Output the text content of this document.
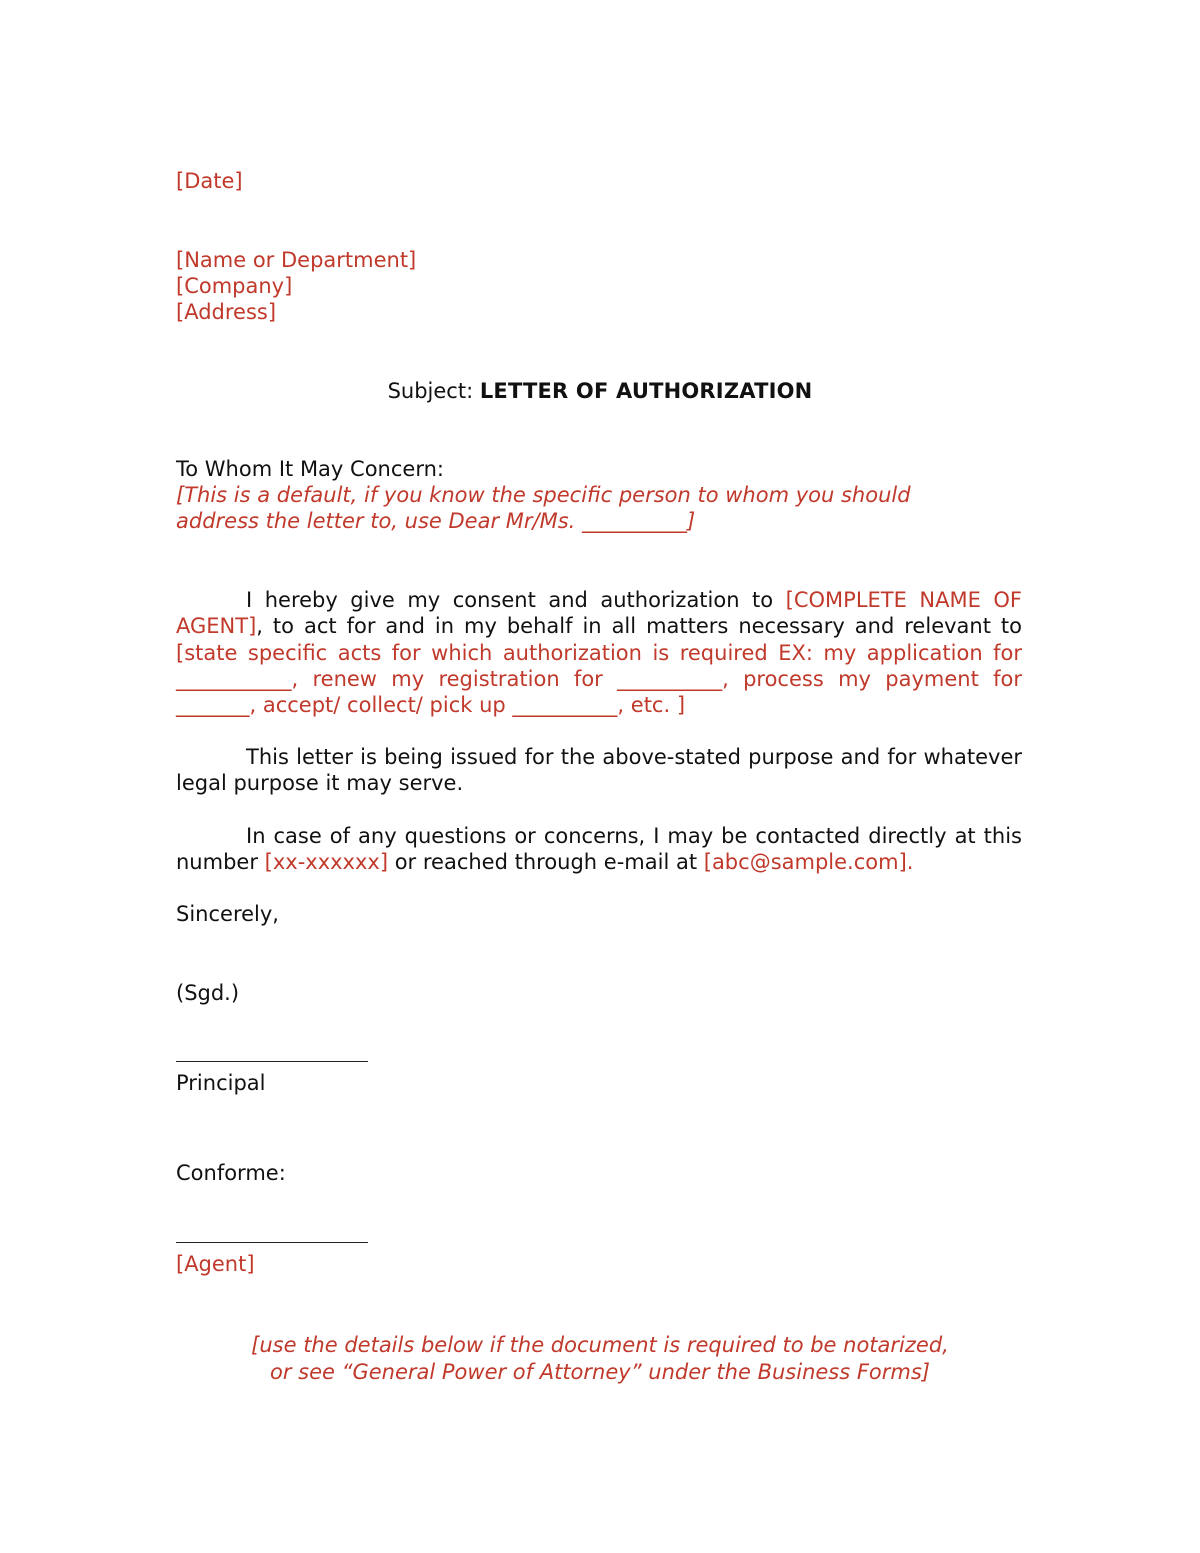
[Date]
[Name or Department]
[Company]
[Address]
Subject: LETTER OF AUTHORIZATION
To Whom It May Concern:
[This is a default, if you know the specific person to whom you should
address the letter to, use Dear Mr/Ms. __________]
I hereby give my consent and authorization to [COMPLETE NAME OF AGENT], to act for and in my behalf in all matters necessary and relevant to [state specific acts for which authorization is required EX: my application for ___________, renew my registration for __________, process my payment for _______, accept/ collect/ pick up __________, etc. ]
This letter is being issued for the above-stated purpose and for whatever legal purpose it may serve.
In case of any questions or concerns, I may be contacted directly at this number [xx-xxxxxx] or reached through e-mail at [abc@sample.com].
Sincerely,
(Sgd.)
Principal
Conforme:
[Agent]
[use the details below if the document is required to be notarized,
or see “General Power of Attorney” under the Business Forms]
